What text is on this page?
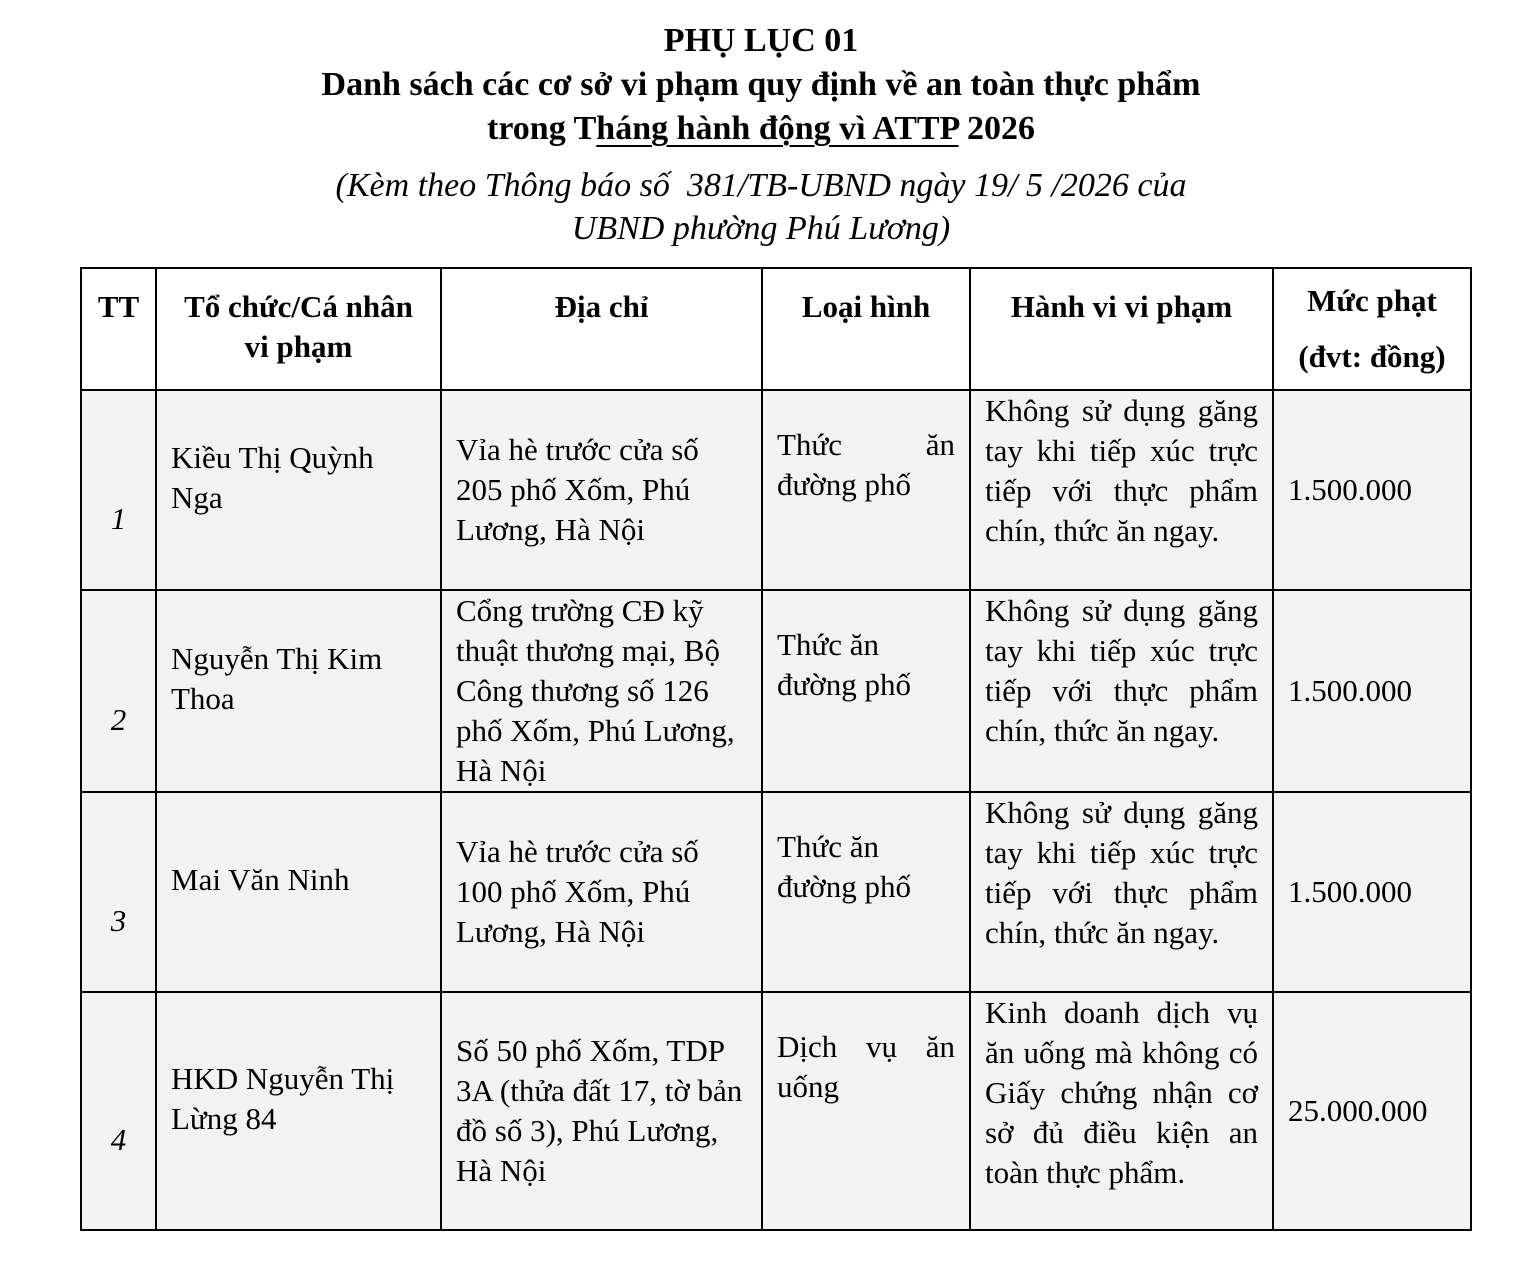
PHỤ LỤC 01
Danh sách các cơ sở vi phạm quy định về an toàn thực phẩm
trong Tháng hành động vì ATTP 2026
(Kèm theo Thông báo số  381/TB-UBND ngày 19/ 5 /2026 của
UBND phường Phú Lương)
TT	Tổ chức/Cá nhân vi phạm	Địa chỉ	Loại hình	Hành vi vi phạm	Mức phạt (đvt: đồng)
1	Kiều Thị Quỳnh Nga	Vỉa hè trước cửa số 205 phố Xốm, Phú Lương, Hà Nội	Thức ăn đường phố	Không sử dụng găng tay khi tiếp xúc trực tiếp với thực phẩm chín, thức ăn ngay.	1.500.000
2	Nguyễn Thị Kim Thoa	Cổng trường CĐ kỹ thuật thương mại, Bộ Công thương số 126 phố Xốm, Phú Lương, Hà Nội	Thức ăn đường phố	Không sử dụng găng tay khi tiếp xúc trực tiếp với thực phẩm chín, thức ăn ngay.	1.500.000
3	Mai Văn Ninh	Vỉa hè trước cửa số 100 phố Xốm, Phú Lương, Hà Nội	Thức ăn đường phố	Không sử dụng găng tay khi tiếp xúc trực tiếp với thực phẩm chín, thức ăn ngay.	1.500.000
4	HKD Nguyễn Thị Lừng 84	Số 50 phố Xốm, TDP 3A (thửa đất 17, tờ bản đồ số 3), Phú Lương, Hà Nội	Dịch vụ ăn uống	Kinh doanh dịch vụ ăn uống mà không có Giấy chứng nhận cơ sở đủ điều kiện an toàn thực phẩm.	25.000.000
